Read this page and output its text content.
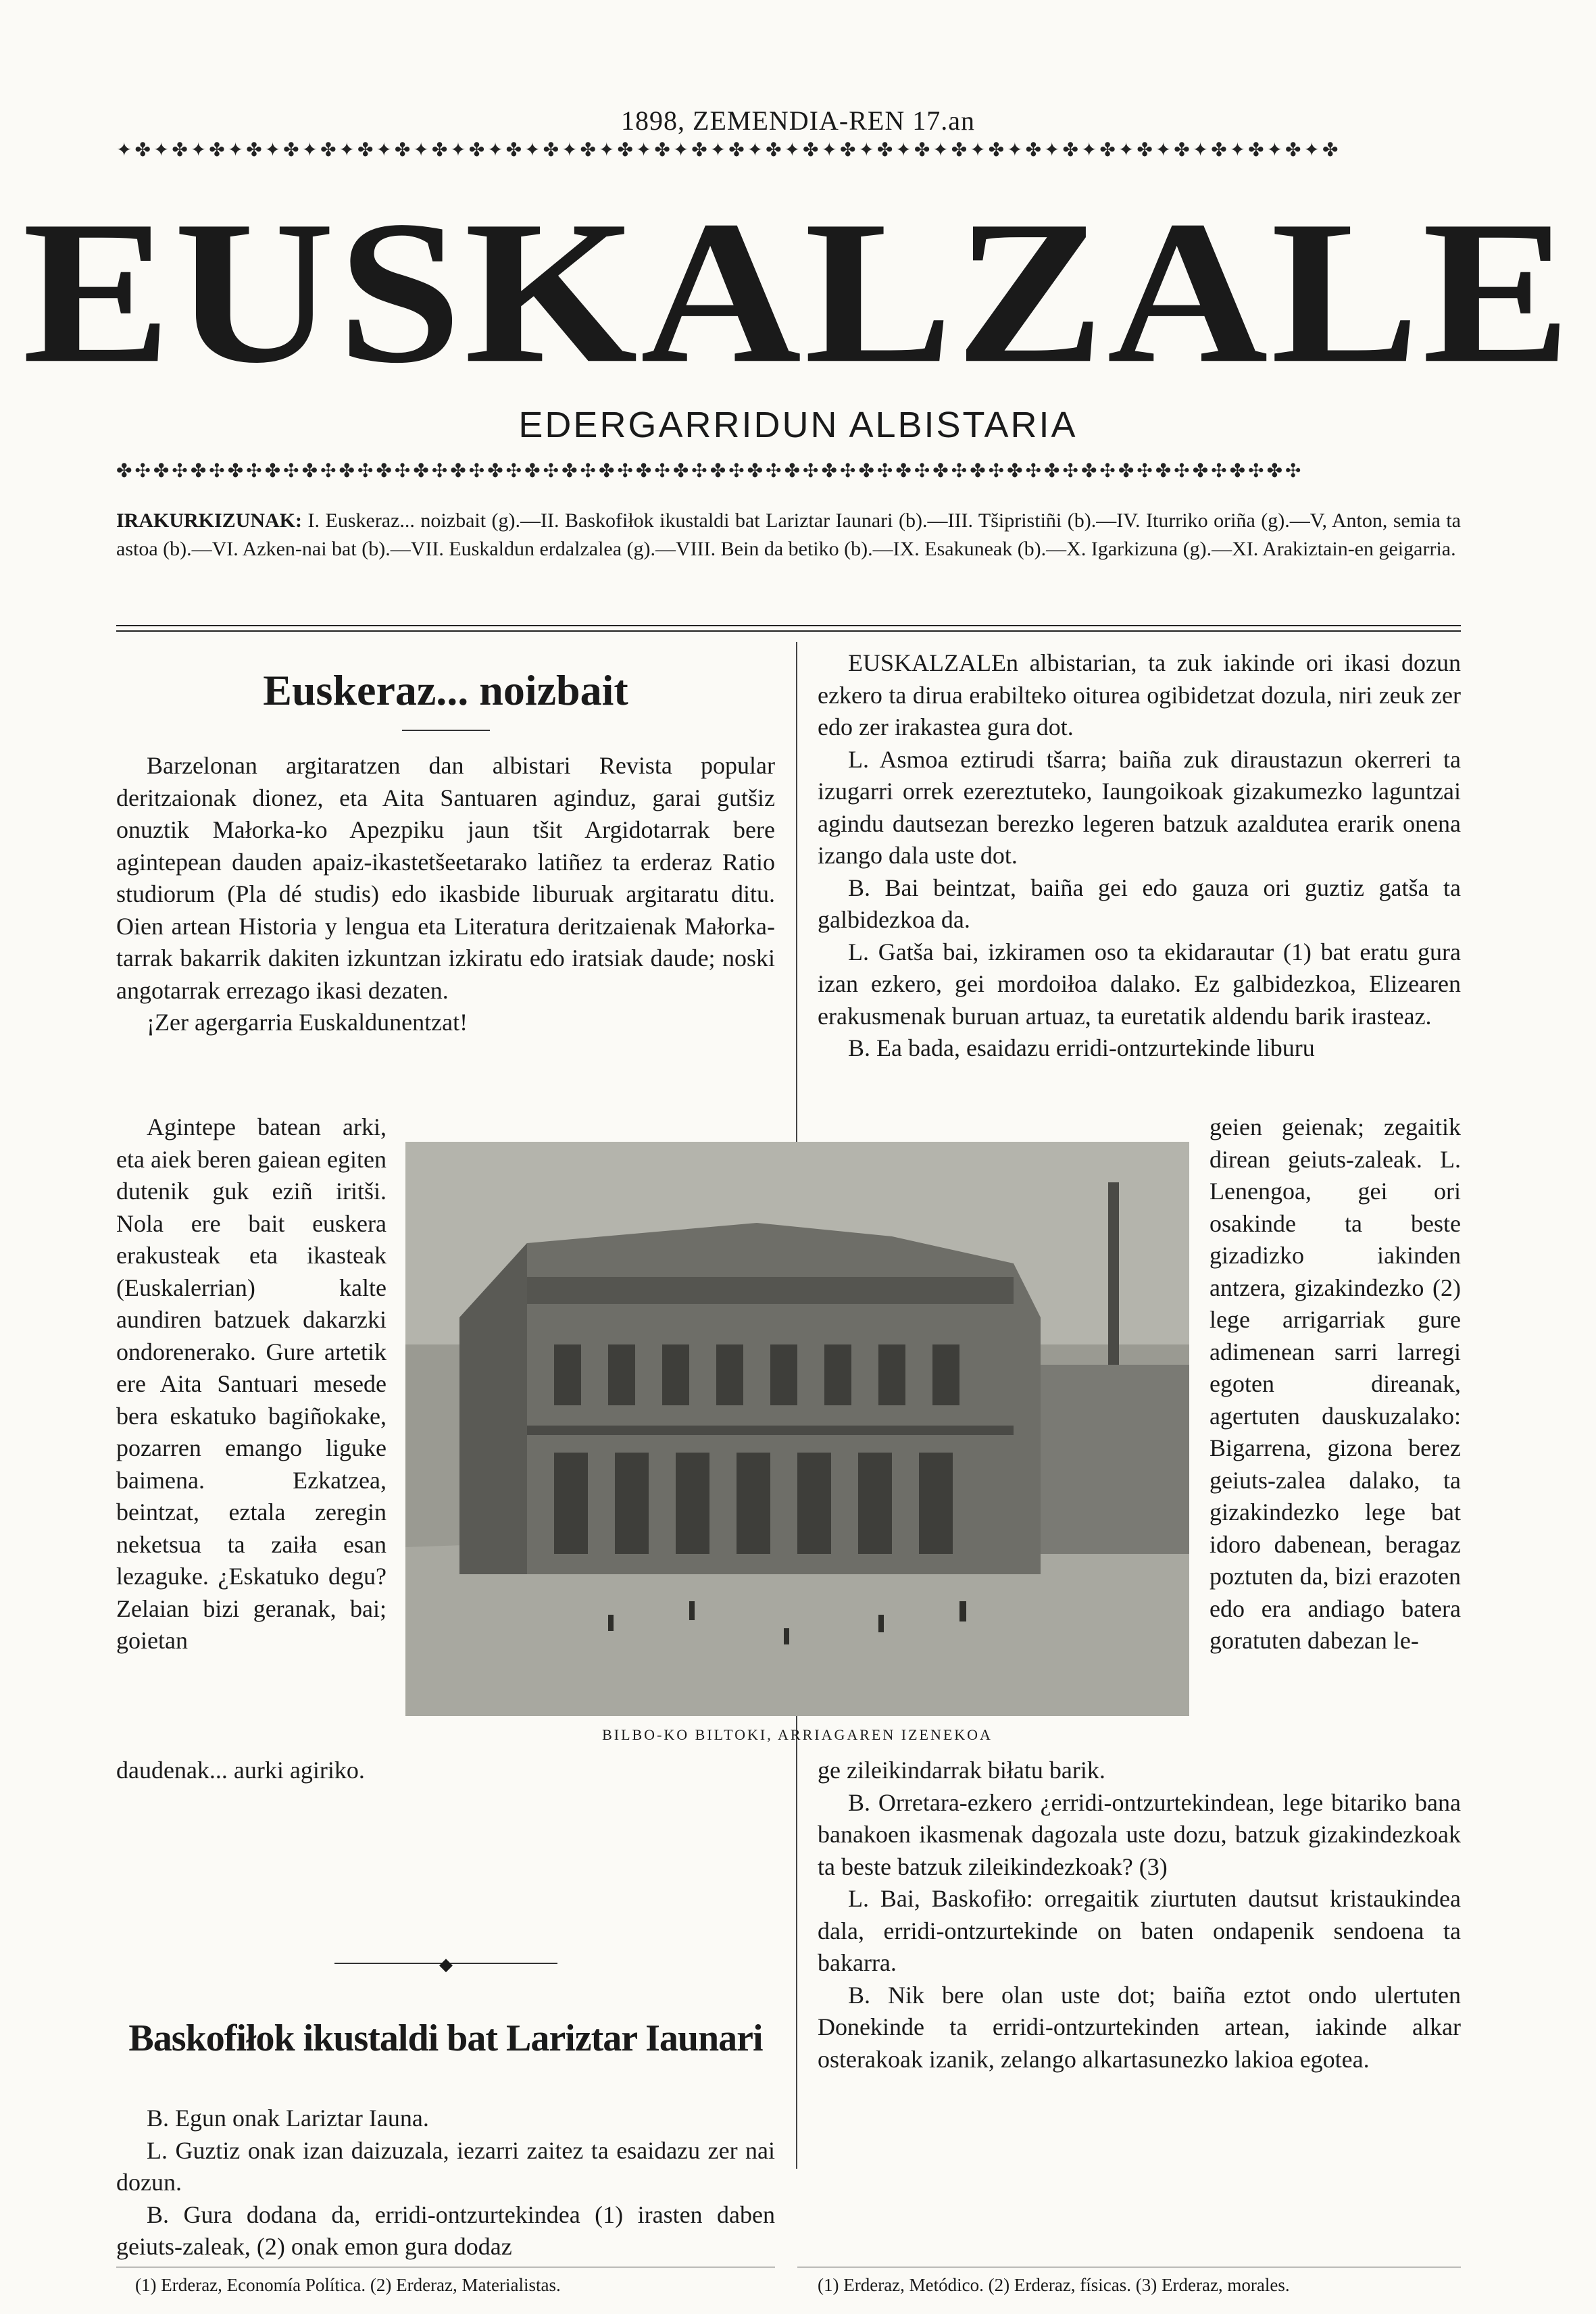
1898, ZEMENDIA-REN 17.an
✦✤✦✤✦✤✦✤✦✤✦✤✦✤✦✤✦✤✦✤✦✤✦✤✦✤✦✤✦✤✦✤✦✤✦✤✦✤✦✤✦✤✦✤✦✤✦✤✦✤✦✤✦✤✦✤✦✤✦✤✦✤✦✤✦✤
EUSKALZALE
EDERGARRIDUN ALBISTARIA
✤✣✤✣✤✣✤✣✤✣✤✣✤✣✤✣✤✣✤✣✤✣✤✣✤✣✤✣✤✣✤✣✤✣✤✣✤✣✤✣✤✣✤✣✤✣✤✣✤✣✤✣✤✣✤✣✤✣✤✣✤✣✤✣
IRAKURKIZUNAK: I. Euskeraz... noizbait (g).—II. Baskofiłok ikustaldi bat Lariztar Iaunari (b).—III. Tšipristiñi (b).—IV. Iturriko oriña (g).—V, Anton, semia ta astoa (b).—VI. Azken-nai bat (b).—VII. Euskaldun erdalzalea (g).—VIII. Bein da betiko (b).—IX. Esakuneak (b).—X. Igarkizuna (g).—XI. Arakiztain-en geigarria.
Euskeraz... noizbait

Barzelonan argitaratzen dan albistari Revista popular deritzaionak dionez, eta Aita Santuaren aginduz, garai gutšiz onuztik Małorka-ko Apezpiku jaun tšit Argidotarrak bere agintepean dauden apaiz-ikastetšeetarako latiñez ta erderaz Ratio studiorum (Pla dé studis) edo ikasbide liburuak argitaratu ditu. Oien artean Historia y lengua eta Literatura deritzaienak Małorka-tarrak bakarrik dakiten izkuntzan izkiratu edo iratsiak daude; noski angotarrak errezago ikasi dezaten.

¡Zer agergarria Euskaldunentzat!

Agintepe batean arki, eta aiek beren gaiean egiten dutenik guk eziñ iritši. Nola ere bait euskera erakusteak eta ikasteak (Euskalerrian) kalte aundiren batzuek dakarzki ondorenerako. Gure artetik ere Aita Santuari mesede bera eskatuko bagiñokake, pozarren emango liguke baimena. Ezkatzea, beintzat, eztala zeregin neketsua ta zaiła esan lezaguke. ¿Eskatuko degu? Zelaian bizi geranak, bai; goietan

daudenak... aurki agiriko.

◆
Baskofiłok ikustaldi bat Lariztar Iaunari

B. Egun onak Lariztar Iauna.

L. Guztiz onak izan daizuzala, iezarri zaitez ta esaidazu zer nai dozun.

B. Gura dodana da, erridi-ontzurtekindea (1) irasten daben geiuts-zaleak, (2) onak emon gura dodaz

EUSKALZALEn albistarian, ta zuk iakinde ori ikasi dozun ezkero ta dirua erabilteko oiturea ogibidetzat dozula, niri zeuk zer edo zer irakastea gura dot.

L. Asmoa eztirudi tšarra; baiña zuk diraustazun okerreri ta izugarri orrek ezereztuteko, Iaungoikoak gizakumezko laguntzai agindu dautsezan berezko legeren batzuk azaldutea erarik onena izango dala uste dot.

B. Bai beintzat, baiña gei edo gauza ori guztiz gatša ta galbidezkoa da.

L. Gatša bai, izkiramen oso ta ekidarautar (1) bat eratu gura izan ezkero, gei mordoiłoa dalako. Ez galbidezkoa, Elizearen erakusmenak buruan artuaz, ta euretatik aldendu barik irasteaz.

B. Ea bada, esaidazu erridi-ontzurtekinde liburu

geien geienak; zegaitik direan geiuts-zaleak. L. Lenengoa, gei ori osakinde ta beste gizadizko iakinden antzera, gizakindezko (2) lege arrigarriak gure adimenean sarri larregi egoten direanak, agertuten dauskuzalako: Bigarrena, gizona berez geiuts-zalea dalako, ta gizakindezko lege bat idoro dabenean, beragaz poztuten da, bizi erazoten edo era andiago batera goratuten dabezan le-

ge zileikindarrak biłatu barik.

B. Orretara-ezkero ¿erridi-ontzurtekindean, lege bitariko bana banakoen ikasmenak dagozala uste dozu, batzuk gizakindezkoak ta beste batzuk zileikindezkoak? (3)

L. Bai, Baskofiło: orregaitik ziurtuten dautsut kristaukindea dala, erridi-ontzurtekinde on baten ondapenik sendoena ta bakarra.

B. Nik bere olan uste dot; baiña eztot ondo ulertuten Donekinde ta erridi-ontzurtekinden artean, iakinde alkar osterakoak izanik, zelango alkartasunezko lakioa egotea.

BILBO-KO BILTOKI, ARRIAGAREN IZENEKOA
(1) Erderaz, Economía Política. (2) Erderaz, Materialistas.	(1) Erderaz, Metódico. (2) Erderaz, físicas. (3) Erderaz, morales.
